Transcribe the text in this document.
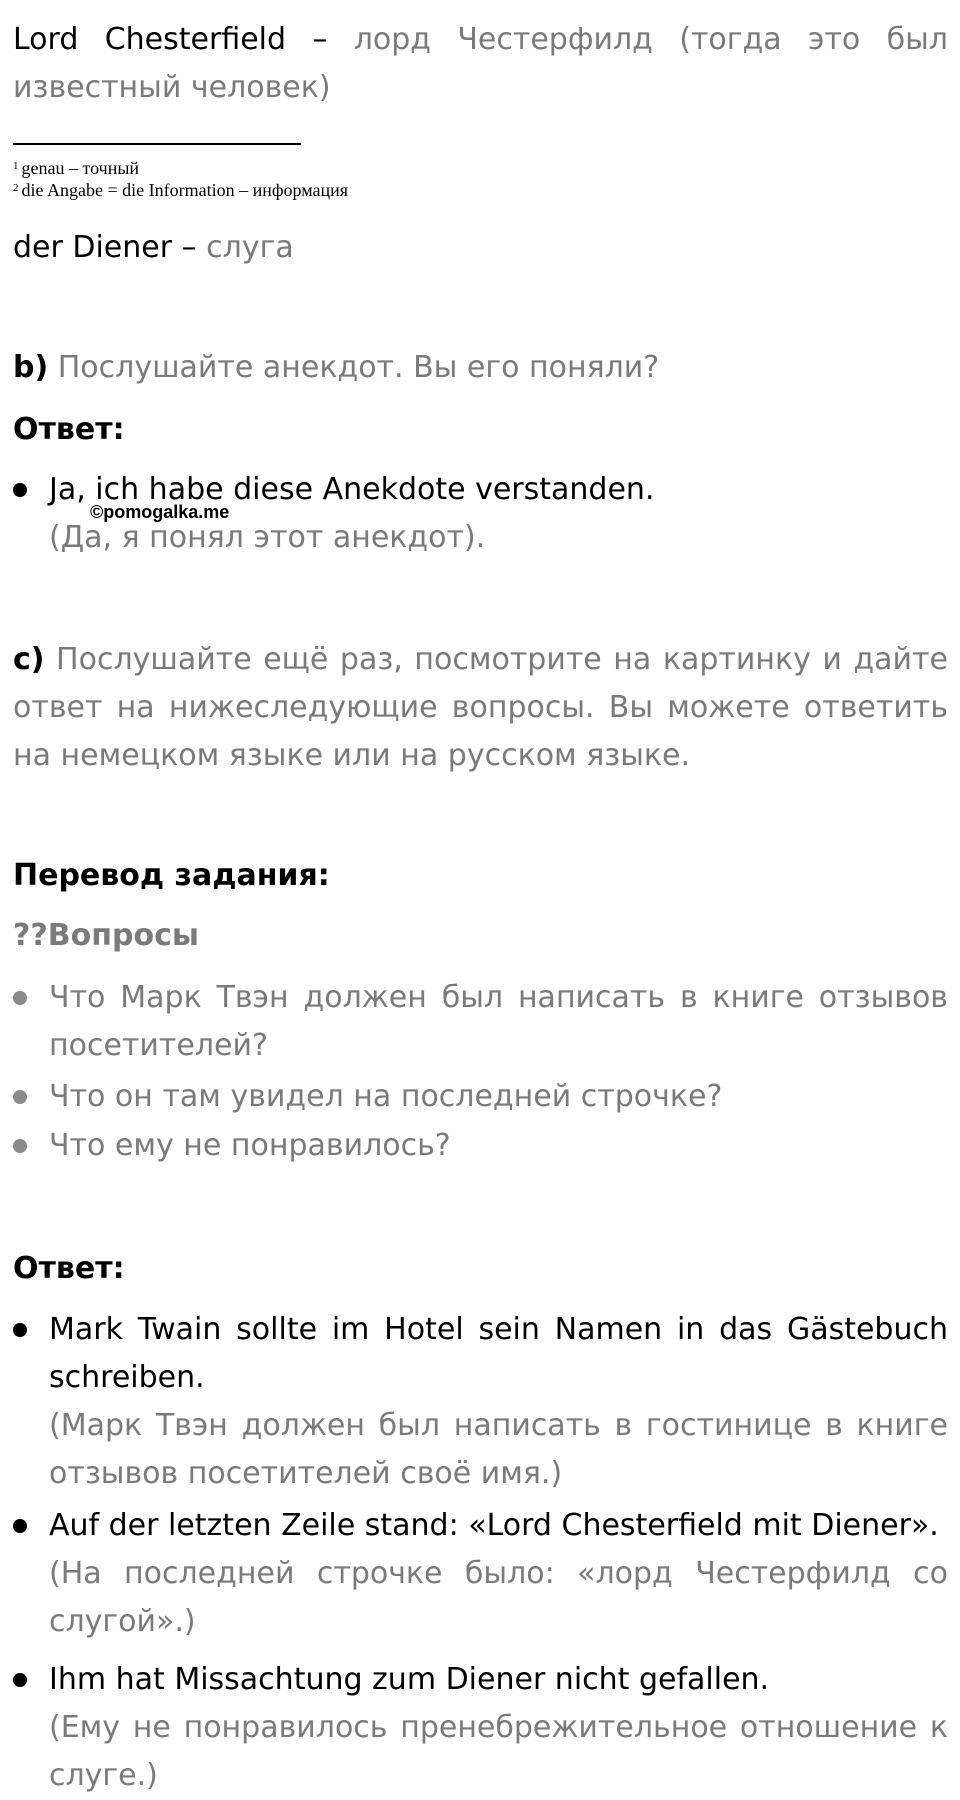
Lord Chesterfield – лорд Честерфилд (тогда это был известный человек)
$^1$ genau – точный
$^2$ die Angabe = die Information – информация
der Diener – слуга
b) Послушайте анекдот. Вы его поняли?
Ответ:
Ja, ich habe diese Anekdote verstanden.
(Да, я понял этот анекдот).
©pomogalka.me
c) Послушайте ещё раз, посмотрите на картинку и дайте ответ на нижеследующие вопросы. Вы можете ответить на немецком языке или на русском языке.
Перевод задания:
??Вопросы
Что Марк Твэн должен был написать в книге отзывов посетителей?
Что он там увидел на последней строчке?
Что ему не понравилось?
Ответ:
Mark Twain sollte im Hotel sein Namen in das Gästebuch schreiben.
(Марк Твэн должен был написать в гостинице в книге отзывов посетителей своё имя.)
Auf der letzten Zeile stand: «Lord Chesterfield mit Diener».
(На последней строчке было: «лорд Честерфилд со слугой».)
Ihm hat Missachtung zum Diener nicht gefallen.
(Ему не понравилось пренебрежительное отношение к слуге.)
